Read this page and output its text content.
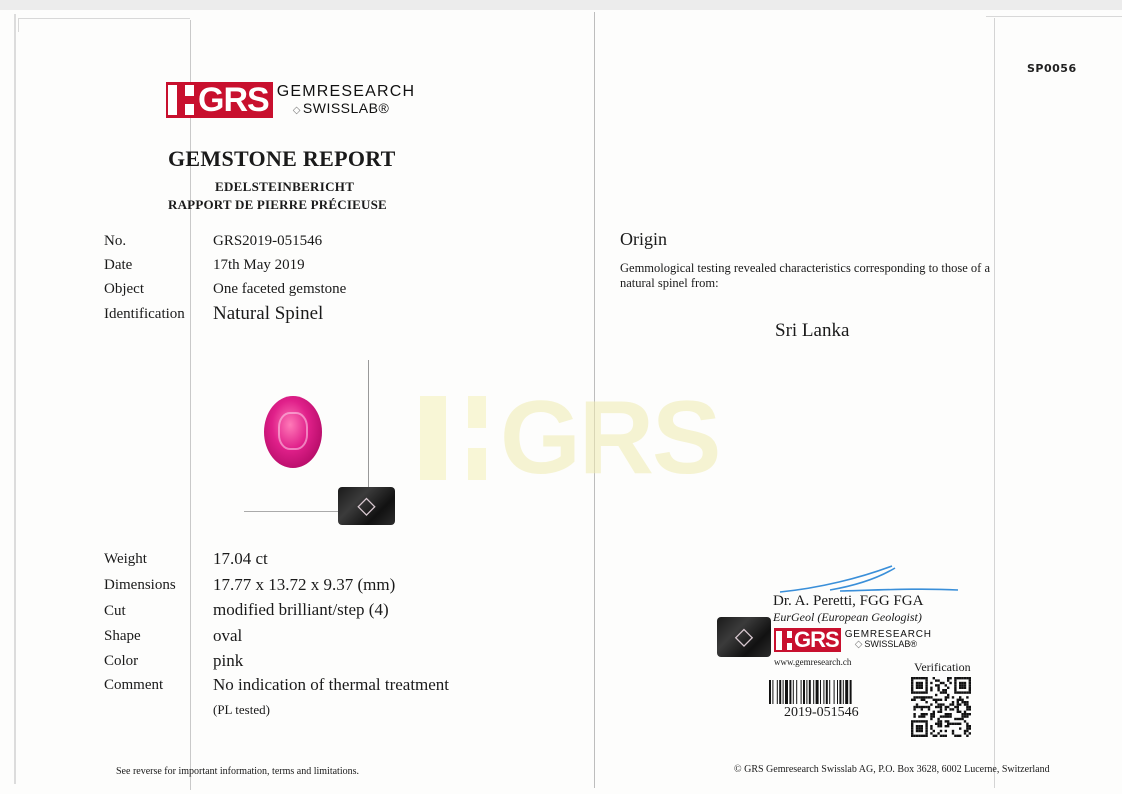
SP0056
GRS GEMRESEARCH
◇ SWISSLAB®
GEMSTONE REPORT
EDELSTEINBERICHT
RAPPORT DE PIERRE PRÉCIEUSE
No.	GRS2019-051546
Date	17th May 2019
Object	One faceted gemstone
Identification Natural Spinel
◇
GRS
Weight	17.04 ct
Dimensions 17.77 x 13.72 x 9.37 (mm)
Cut	modified brilliant/step (4)
Shape	oval
Color	pink
Comment	No indication of thermal treatment
(PL tested)
Origin
Gemmological testing revealed characteristics corresponding to those of a natural spinel from:
Sri Lanka
Dr. A. Peretti, FGG FGA
EurGeol (European Geologist)
◇ GRS GEMRESEARCH
◇ SWISSLAB®
www.gemresearch.ch	Verification
2019-051546
See reverse for important information, terms and limitations.	© GRS Gemresearch Swisslab AG, P.O. Box 3628, 6002 Lucerne, Switzerland
